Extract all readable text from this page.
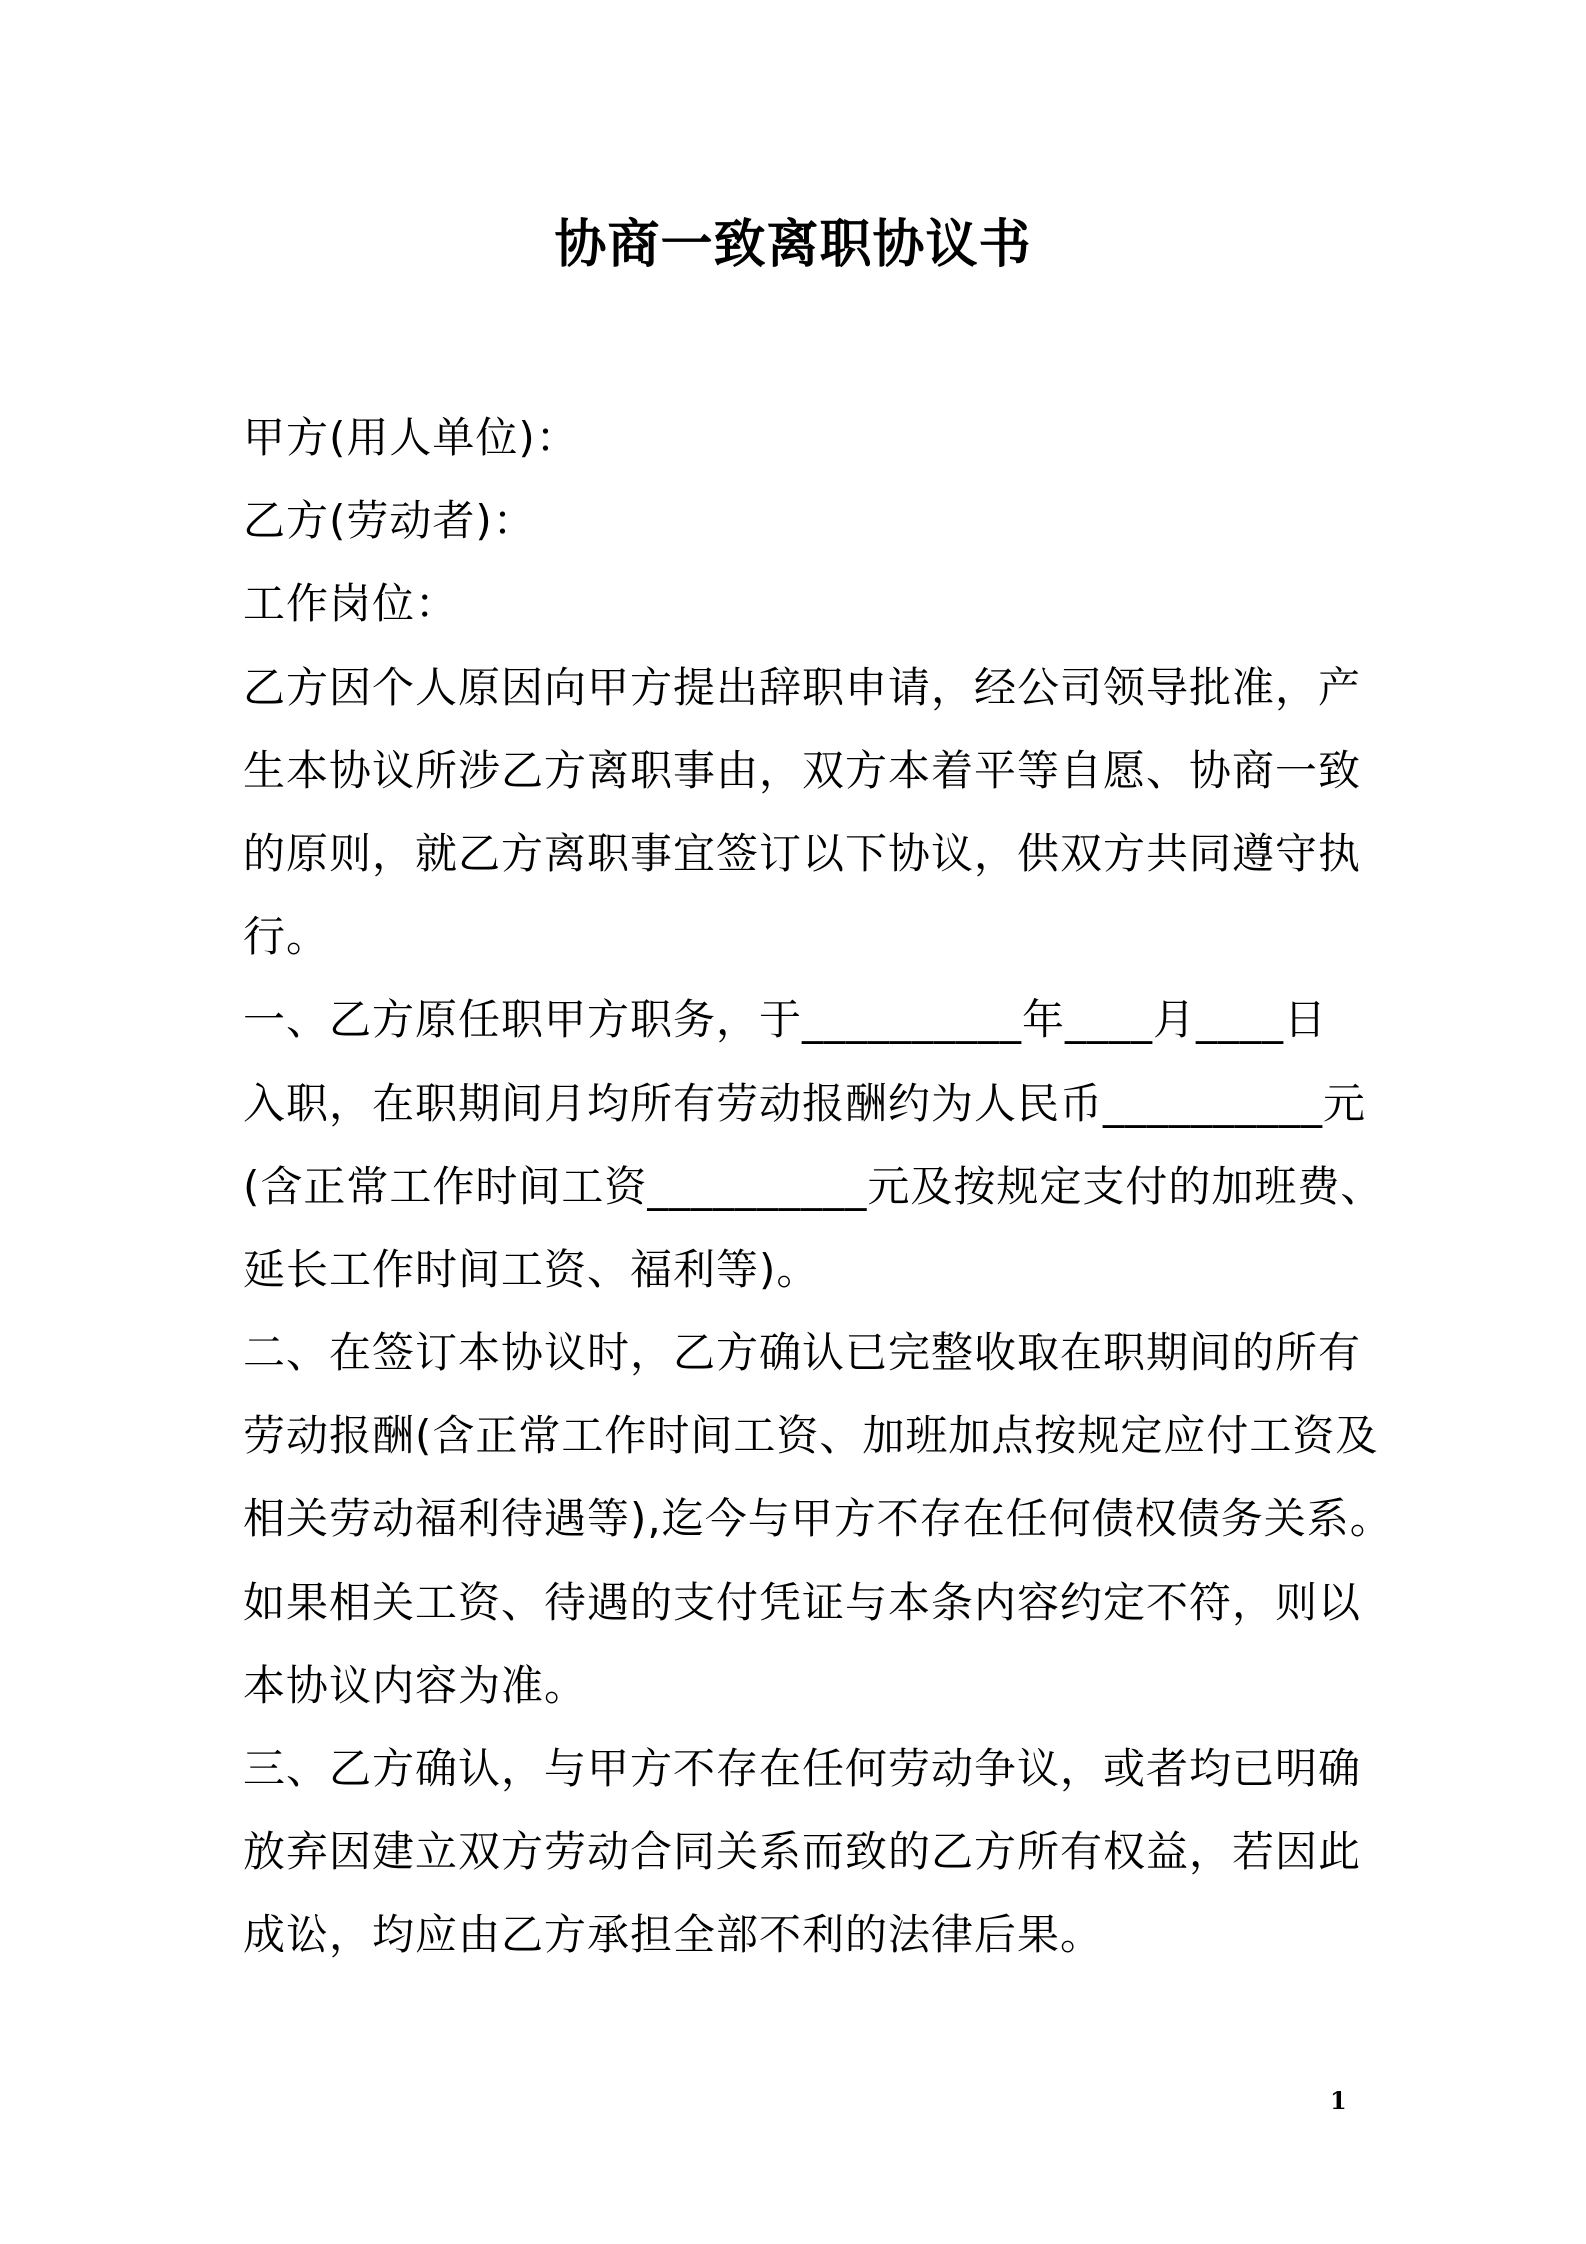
协商一致离职协议书
甲方(用人单位)：
乙方(劳动者)：
工作岗位：
乙方因个人原因向甲方提出辞职申请，经公司领导批准，产
生本协议所涉乙方离职事由，双方本着平等自愿、协商一致
的原则，就乙方离职事宜签订以下协议，供双方共同遵守执
行。
一、乙方原任职甲方职务，于__________年____月____日
入职，在职期间月均所有劳动报酬约为人民币__________元
(含正常工作时间工资__________元及按规定支付的加班费、
延长工作时间工资、福利等)。
二、在签订本协议时，乙方确认已完整收取在职期间的所有
劳动报酬(含正常工作时间工资、加班加点按规定应付工资及
相关劳动福利待遇等),迄今与甲方不存在任何债权债务关系。
如果相关工资、待遇的支付凭证与本条内容约定不符，则以
本协议内容为准。
三、乙方确认，与甲方不存在任何劳动争议，或者均已明确
放弃因建立双方劳动合同关系而致的乙方所有权益，若因此
成讼，均应由乙方承担全部不利的法律后果。
1
